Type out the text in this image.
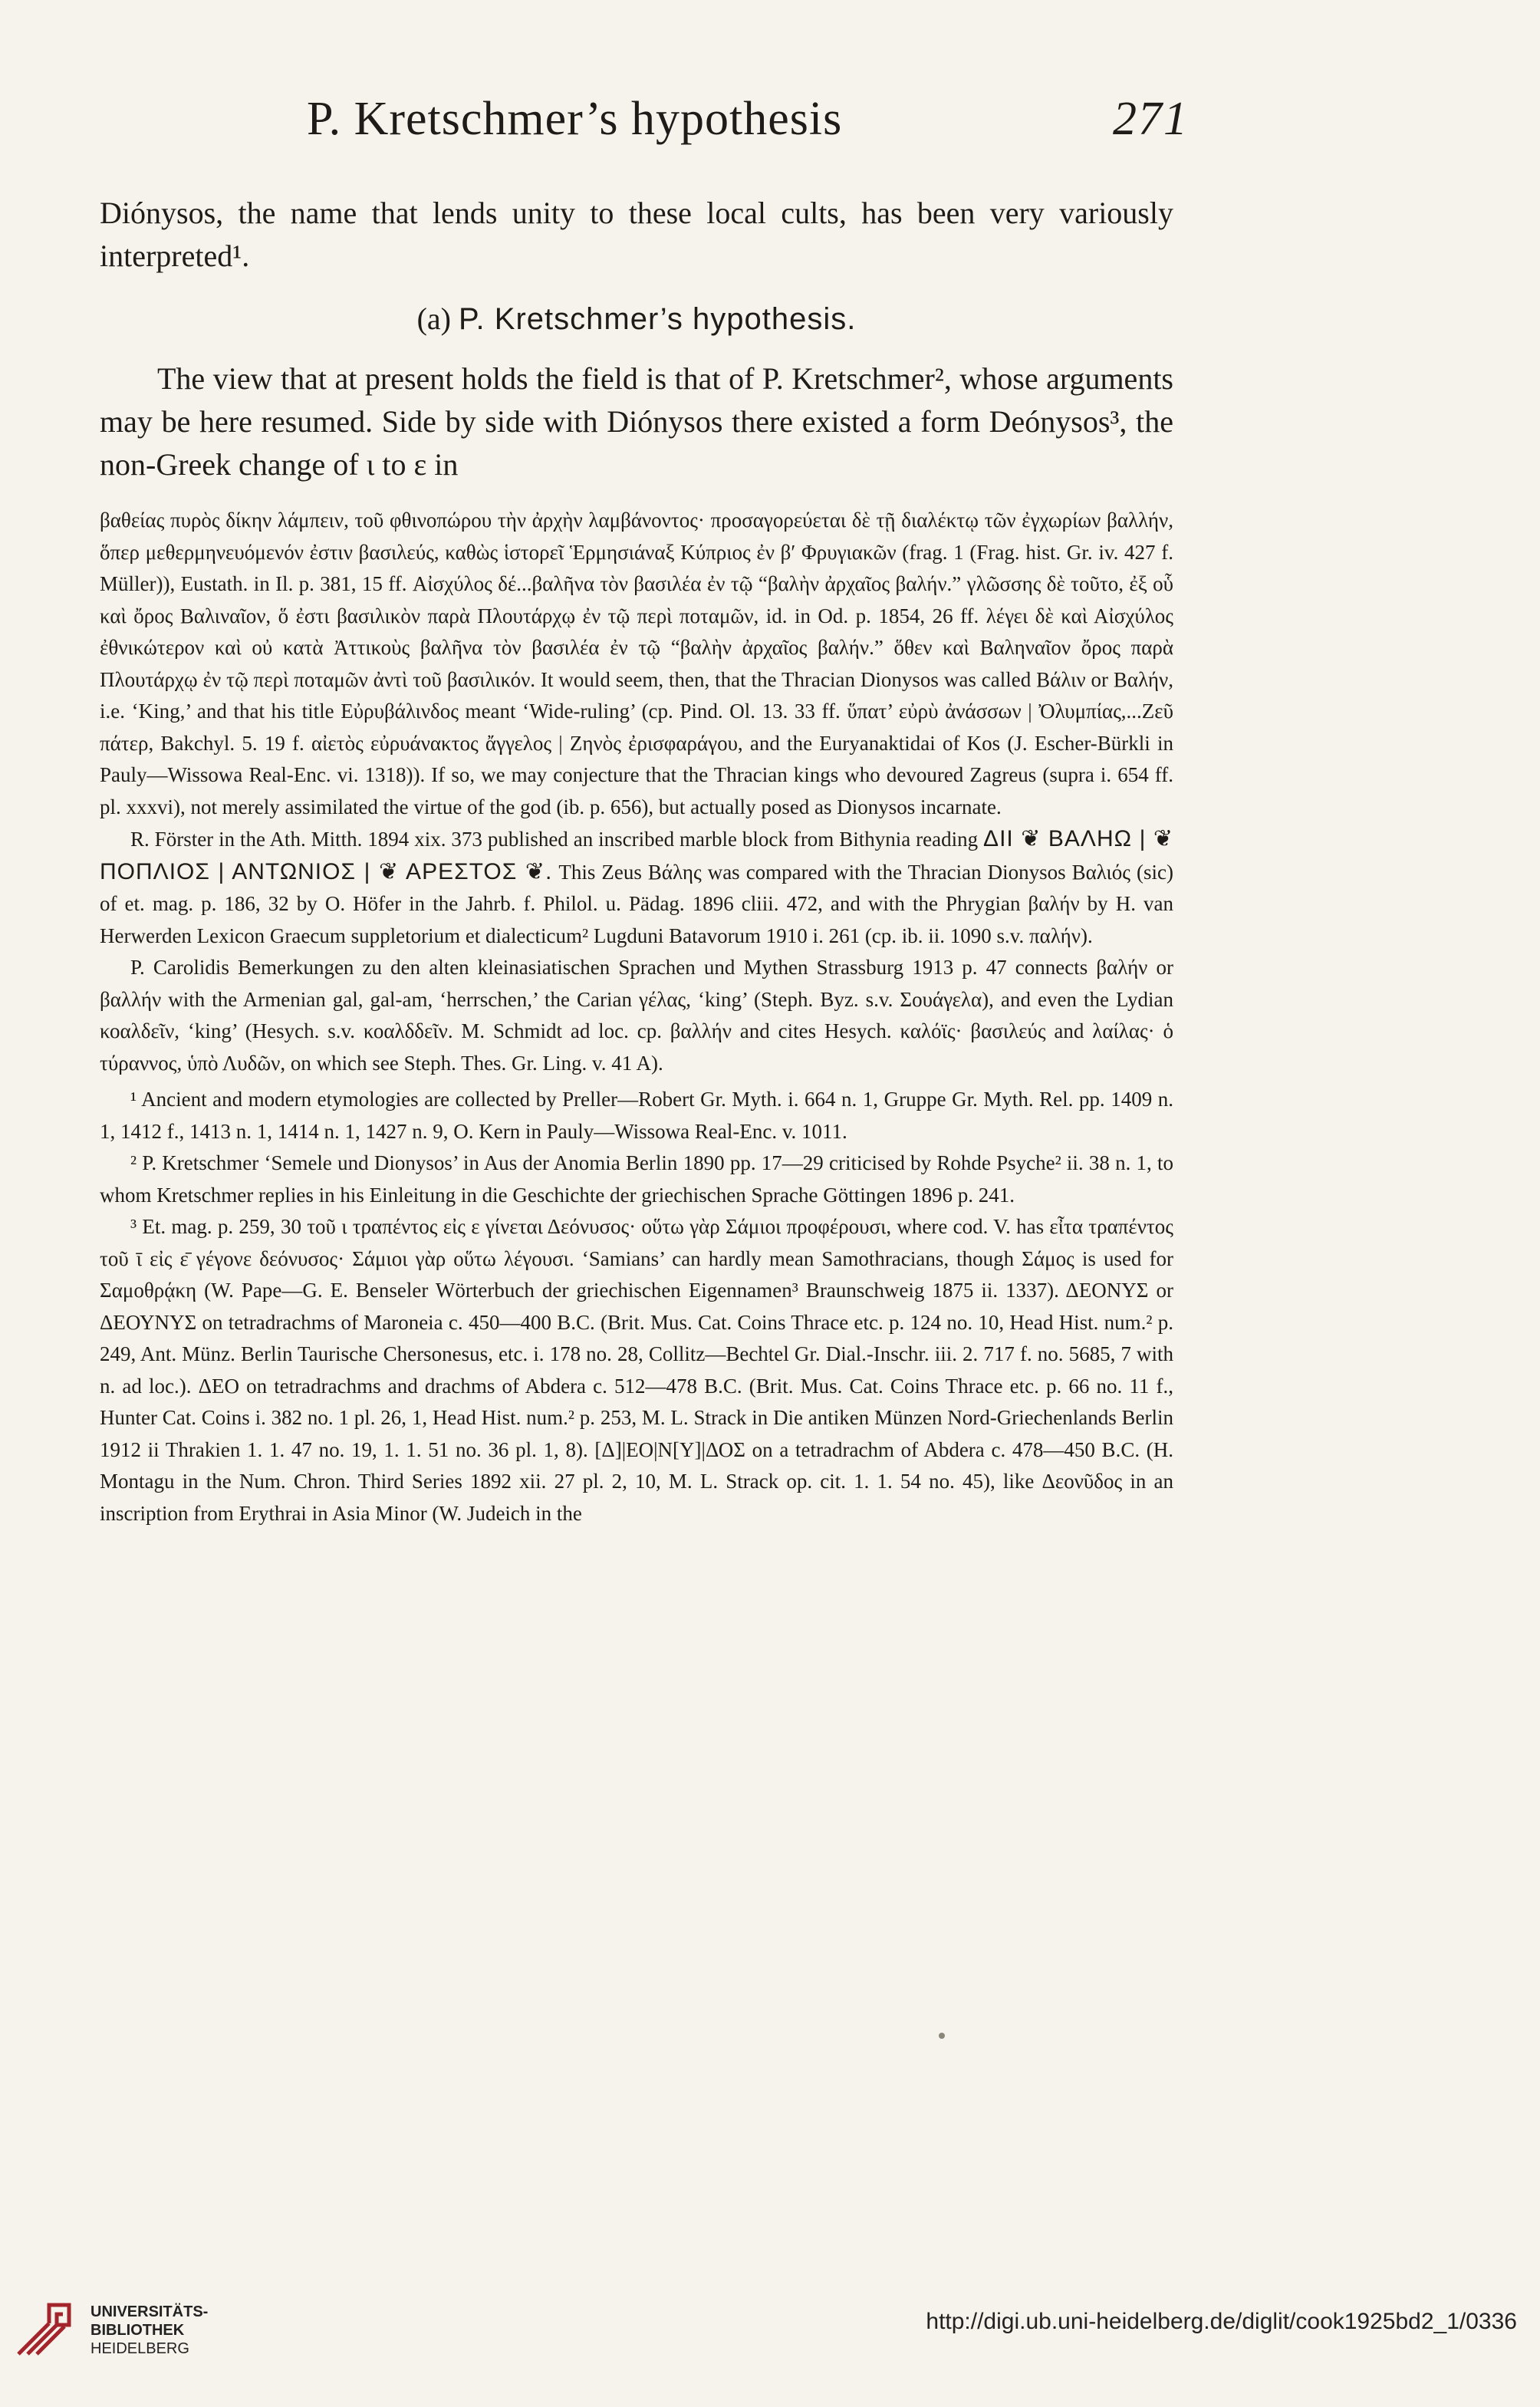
P. Kretschmer’s hypothesis	271

Diónysos, the name that lends unity to these local cults, has been very variously interpreted¹.

(a) P. Kretschmer’s hypothesis.

The view that at present holds the field is that of P. Kretschmer², whose arguments may be here resumed. Side by side with Diónysos there existed a form Deónysos³, the non-Greek change of ι to ε in

βαθείας πυρὸς δίκην λάμπειν, τοῦ φθινοπώρου τὴν ἀρχὴν λαμβάνοντος· προσαγορεύεται δὲ τῇ διαλέκτῳ τῶν ἐγχωρίων βαλλήν, ὅπερ μεθερμηνευόμενόν ἐστιν βασιλεύς, καθὼς ἱστορεῖ Ἑρμησιάναξ Κύπριος ἐν β′ Φρυγιακῶν (frag. 1 (Frag. hist. Gr. iv. 427 f. Müller)), Eustath. in Il. p. 381, 15 ff. Αἰσχύλος δέ...βαλῆνα τὸν βασιλέα ἐν τῷ “βαλὴν ἀρχαῖος βαλήν.” γλῶσσης δὲ τοῦτο, ἐξ οὗ καὶ ὄρος Βαλιναῖον, ὅ ἐστι βασιλικὸν παρὰ Πλουτάρχῳ ἐν τῷ περὶ ποταμῶν, id. in Od. p. 1854, 26 ff. λέγει δὲ καὶ Αἰσχύλος ἐθνικώτερον καὶ οὐ κατὰ Ἀττικοὺς βαλῆνα τὸν βασιλέα ἐν τῷ “βαλὴν ἀρχαῖος βαλήν.” ὅθεν καὶ Βαληναῖον ὄρος παρὰ Πλουτάρχῳ ἐν τῷ περὶ ποταμῶν ἀντὶ τοῦ βασιλικόν. It would seem, then, that the Thracian Dionysos was called Βάλιν or Βαλήν, i.e. ‘King,’ and that his title Εὐρυβάλινδος meant ‘Wide-ruling’ (cp. Pind. Ol. 13. 33 ff. ὕπατ’ εὐρὺ ἀνάσσων | Ὀλυμπίας,...Ζεῦ πάτερ, Bakchyl. 5. 19 f. αἰετὸς εὐρυάνακτος ἄγγελος | Ζηνὸς ἐρισφαράγου, and the Euryanaktidai of Kos (J. Escher-Bürkli in Pauly—Wissowa Real-Enc. vi. 1318)). If so, we may conjecture that the Thracian kings who devoured Zagreus (supra i. 654 ff. pl. xxxvi), not merely assimilated the virtue of the god (ib. p. 656), but actually posed as Dionysos incarnate.

R. Förster in the Ath. Mitth. 1894 xix. 373 published an inscribed marble block from Bithynia reading ΔΙΙ ❦ ΒΑΛΗΩ | ❦ ΠΟΠΛΙΟΣ | ΑΝΤΩΝΙΟΣ | ❦ ΑΡΕΣΤΟΣ ❦. This Zeus Βάλης was compared with the Thracian Dionysos Βαλιός (sic) of et. mag. p. 186, 32 by O. Höfer in the Jahrb. f. Philol. u. Pädag. 1896 cliii. 472, and with the Phrygian βαλήν by H. van Herwerden Lexicon Graecum suppletorium et dialecticum² Lugduni Batavorum 1910 i. 261 (cp. ib. ii. 1090 s.v. παλήν).

P. Carolidis Bemerkungen zu den alten kleinasiatischen Sprachen und Mythen Strassburg 1913 p. 47 connects βαλήν or βαλλήν with the Armenian gal, gal-am, ‘herrschen,’ the Carian γέλας, ‘king’ (Steph. Byz. s.v. Σουάγελα), and even the Lydian κοαλδεῖν, ‘king’ (Hesych. s.v. κοαλδδεῖν. M. Schmidt ad loc. cp. βαλλήν and cites Hesych. καλόϊς· βασιλεύς and λαίλας· ὁ τύραννος, ὑπὸ Λυδῶν, on which see Steph. Thes. Gr. Ling. v. 41 A).

¹ Ancient and modern etymologies are collected by Preller—Robert Gr. Myth. i. 664 n. 1, Gruppe Gr. Myth. Rel. pp. 1409 n. 1, 1412 f., 1413 n. 1, 1414 n. 1, 1427 n. 9, O. Kern in Pauly—Wissowa Real-Enc. v. 1011.

² P. Kretschmer ‘Semele und Dionysos’ in Aus der Anomia Berlin 1890 pp. 17—29 criticised by Rohde Psyche² ii. 38 n. 1, to whom Kretschmer replies in his Einleitung in die Geschichte der griechischen Sprache Göttingen 1896 p. 241.

³ Et. mag. p. 259, 30 τοῦ ι τραπέντος εἰς ε γίνεται Δεόνυσος· οὕτω γὰρ Σάμιοι προφέρουσι, where cod. V. has εἶτα τραπέντος τοῦ ῑ εἰς ε̄ γέγονε δεόνυσος· Σάμιοι γὰρ οὕτω λέγουσι. ‘Samians’ can hardly mean Samothracians, though Σάμος is used for Σαμοθρᾴκη (W. Pape—G. E. Benseler Wörterbuch der griechischen Eigennamen³ Braunschweig 1875 ii. 1337). ΔΕΟΝΥΣ or ΔΕΟΥΝΥΣ on tetradrachms of Maroneia c. 450—400 B.C. (Brit. Mus. Cat. Coins Thrace etc. p. 124 no. 10, Head Hist. num.² p. 249, Ant. Münz. Berlin Taurische Chersonesus, etc. i. 178 no. 28, Collitz—Bechtel Gr. Dial.-Inschr. iii. 2. 717 f. no. 5685, 7 with n. ad loc.). ΔΕΟ on tetradrachms and drachms of Abdera c. 512—478 B.C. (Brit. Mus. Cat. Coins Thrace etc. p. 66 no. 11 f., Hunter Cat. Coins i. 382 no. 1 pl. 26, 1, Head Hist. num.² p. 253, M. L. Strack in Die antiken Münzen Nord-Griechenlands Berlin 1912 ii Thrakien 1. 1. 47 no. 19, 1. 1. 51 no. 36 pl. 1, 8). [Δ]|ΕΟ|Ν[Υ]|ΔΟΣ on a tetradrachm of Abdera c. 478—450 B.C. (H. Montagu in the Num. Chron. Third Series 1892 xii. 27 pl. 2, 10, M. L. Strack op. cit. 1. 1. 54 no. 45), like Δεονῦδος in an inscription from Erythrai in Asia Minor (W. Judeich in the

UNIVERSITÄTS-
BIBLIOTHEK
HEIDELBERG
http://digi.ub.uni-heidelberg.de/diglit/cook1925bd2_1/0336
